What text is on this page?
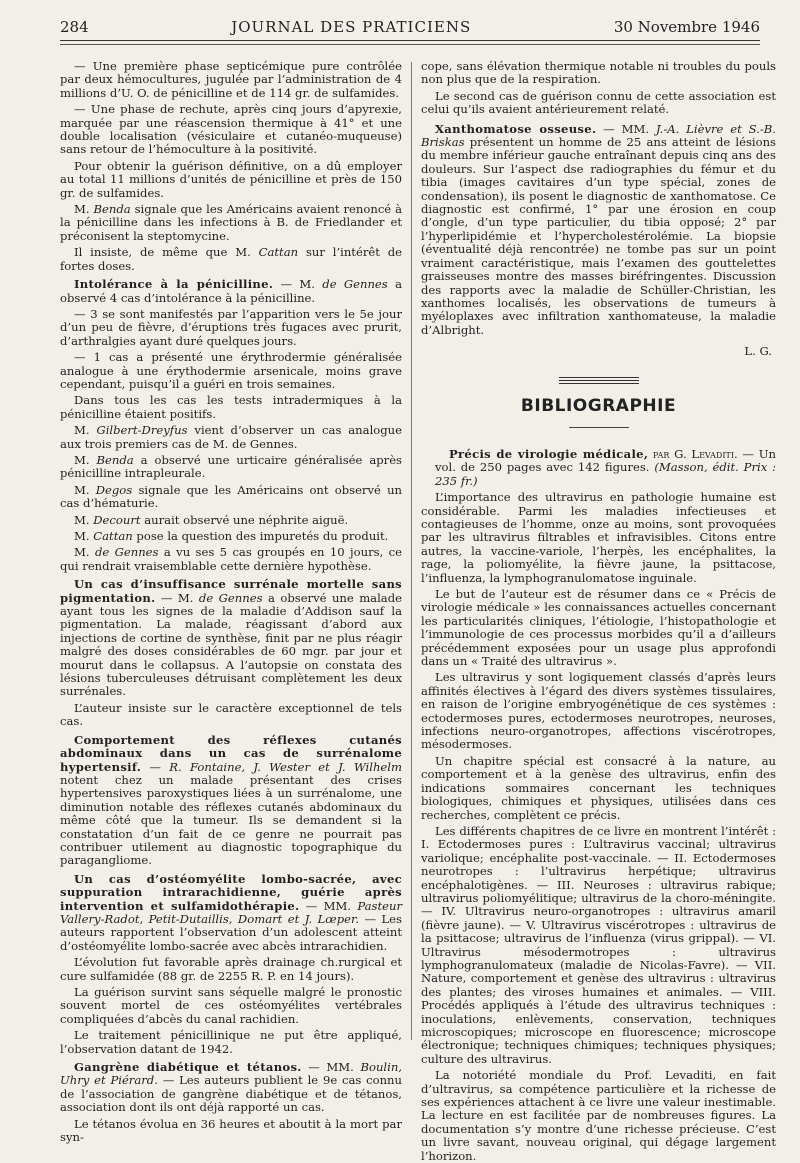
284	JOURNAL DES PRATICIENS	30 Novembre 1946

— Une première phase septicémique pure contrôlée par deux hémocultures, jugulée par l’administration de 4 millions d’U. O. de pénicilline et de 114 gr. de sulfamides.

— Une phase de rechute, après cinq jours d’apyrexie, marquée par une réascension thermique à 41° et une double localisation (vésiculaire et cutanéo-muqueuse) sans retour de l’hémoculture à la positivité.

Pour obtenir la guérison définitive, on a dû employer au total 11 millions d’unités de pénicilline et près de 150 gr. de sulfamides.

M. Benda signale que les Américains avaient renoncé à la pénicilline dans les infections à B. de Friedlander et préconisent la steptomycine.

Il insiste, de même que M. Cattan sur l’intérêt de fortes doses.

Intolérance à la pénicilline. — M. de Gennes a observé 4 cas d’intolérance à la pénicilline.

— 3 se sont manifestés par l’apparition vers le 5e jour d’un peu de fièvre, d’éruptions très fugaces avec prurit, d’arthralgies ayant duré quelques jours.

— 1 cas a présenté une érythrodermie généralisée analogue à une érythodermie arsenicale, moins grave cependant, puisqu’il a guéri en trois semaines.

Dans tous les cas les tests intradermiques à la pénicilline étaient positifs.

M. Gilbert-Dreyfus vient d’observer un cas analogue aux trois premiers cas de M. de Gennes.

M. Benda a observé une urticaire généralisée après pénicilline intrapleurale.

M. Degos signale que les Américains ont observé un cas d’hématurie.

M. Decourt aurait observé une néphrite aiguë.

M. Cattan pose la question des impuretés du produit.

M. de Gennes a vu ses 5 cas groupés en 10 jours, ce qui rendrait vraisemblable cette dernière hypothèse.

Un cas d’insuffisance surrénale mortelle sans pigmentation. — M. de Gennes a observé une malade ayant tous les signes de la maladie d’Addison sauf la pigmentation. La malade, réagissant d’abord aux injections de cortine de synthèse, finit par ne plus réagir malgré des doses considérables de 60 mgr. par jour et mourut dans le collapsus. A l’autopsie on constata des lésions tuberculeuses détruisant complètement les deux surrénales.

L’auteur insiste sur le caractère exceptionnel de tels cas.

Comportement des réflexes cutanés abdominaux dans un cas de surrénalome hypertensif. — R. Fontaine, J. Wester et J. Wilhelm notent chez un malade présentant des crises hypertensives paroxystiques liées à un surrénalome, une diminution notable des réflexes cutanés abdominaux du même côté que la tumeur. Ils se demandent si la constatation d’un fait de ce genre ne pourrait pas contribuer utilement au diagnostic topographique du paragangliome.

Un cas d’ostéomyélite lombo-sacrée, avec suppuration intrarachidienne, guérie après intervention et sulfamidothérapie. — MM. Pasteur Vallery-Radot, Petit-Dutaillis, Domart et J. Lœper. — Les auteurs rapportent l’observation d’un adolescent atteint d’ostéomyélite lombo-sacrée avec abcès intrarachidien.

L’évolution fut favorable après drainage ch.rurgical et cure sulfamidée (88 gr. de 2255 R. P. en 14 jours).

La guérison survint sans séquelle malgré le pronostic souvent mortel de ces ostéomyélites vertébrales compliquées d’abcès du canal rachidien.

Le traitement pénicillinique ne put être appliqué, l’observation datant de 1942.

Gangrène diabétique et tétanos. — MM. Boulin, Uhry et Piérard. — Les auteurs publient le 9e cas connu de l’association de gangrène diabétique et de tétanos, association dont ils ont déjà rapporté un cas.

Le tétanos évolua en 36 heures et aboutit à la mort par syn-

cope, sans élévation thermique notable ni troubles du pouls non plus que de la respiration.

Le second cas de guérison connu de cette association est celui qu’ils avaient antérieurement relaté.

Xanthomatose osseuse. — MM. J.-A. Lièvre et S.-B. Briskas présentent un homme de 25 ans atteint de lésions du membre inférieur gauche entraînant depuis cinq ans des douleurs. Sur l’aspect dse radiographies du fémur et du tibia (images cavitaires d’un type spécial, zones de condensation), ils posent le diagnostic de xanthomatose. Ce diagnostic est confirmé, 1° par une érosion en coup d’ongle, d’un type particulier, du tibia opposé; 2° par l’hyperlipidémie et l’hypercholestérolémie. La biopsie (éventualité déjà rencontrée) ne tombe pas sur un point vraiment caractéristique, mais l’examen des gouttelettes graisseuses montre des masses biréfringentes. Discussion des rapports avec la maladie de Schüller-Christian, les xanthomes localisés, les observations de tumeurs à myéloplaxes avec infiltration xanthomateuse, la maladie d’Albright.

L. G.
BIBLIOGRAPHIE

Précis de virologie médicale, par G. Levaditi. — Un vol. de 250 pages avec 142 figures. (Masson, édit. Prix : 235 fr.)

L’importance des ultravirus en pathologie humaine est considérable. Parmi les maladies infectieuses et contagieuses de l’homme, onze au moins, sont provoquées par les ultravirus filtrables et infravisibles. Citons entre autres, la vaccine-variole, l’herpès, les encéphalites, la rage, la poliomyélite, la fièvre jaune, la psittacose, l’influenza, la lymphogranulomatose inguinale.

Le but de l’auteur est de résumer dans ce « Précis de virologie médicale » les connaissances actuelles concernant les particularités cliniques, l’étiologie, l’histopathologie et l’immunologie de ces processus morbides qu’il a d’ailleurs précédemment exposées pour un usage plus approfondi dans un « Traité des ultravirus ».

Les ultravirus y sont logiquement classés d’après leurs affinités électives à l’égard des divers systèmes tissulaires, en raison de l’origine embryogénétique de ces systèmes : ectodermoses pures, ectodermoses neurotropes, neuroses, infections neuro-organotropes, affections viscérotropes, mésodermoses.

Un chapitre spécial est consacré à la nature, au comportement et à la genèse des ultravirus, enfin des indications sommaires concernant les techniques biologiques, chimiques et physiques, utilisées dans ces recherches, complètent ce précis.

Les différents chapitres de ce livre en montrent l’intérêt : I. Ectodermoses pures : L’ultravirus vaccinal; ultravirus variolique; encéphalite post-vaccinale. — II. Ectodermoses neurotropes : l’ultravirus herpétique; ultravirus encéphalotigènes. — III. Neuroses : ultravirus rabique; ultravirus poliomyélitique; ultravirus de la choro-méningite. — IV. Ultravirus neuro-organotropes : ultravirus amaril (fièvre jaune). — V. Ultravirus viscérotropes : ultravirus de la psittacose; ultravirus de l’influenza (virus grippal). — VI. Ultravirus mésodermotropes : ultravirus lymphogranulomateux (maladie de Nicolas-Favre). — VII. Nature, comportement et genèse des ultravirus : ultravirus des plantes; des viroses humaines et animales. — VIII. Procédés appliqués à l’étude des ultravirus techniques : inoculations, enlèvements, conservation, techniques microscopiques; microscope en fluorescence; microscope électronique; techniques chimiques; techniques physiques; culture des ultravirus.

La notoriété mondiale du Prof. Levaditi, en fait d’ultravirus, sa compétence particulière et la richesse de ses expériences attachent à ce livre une valeur inestimable. La lecture en est facilitée par de nombreuses figures. La documentation s’y montre d’une richesse précieuse. C’est un livre savant, nouveau original, qui dégage largement l’horizon.
